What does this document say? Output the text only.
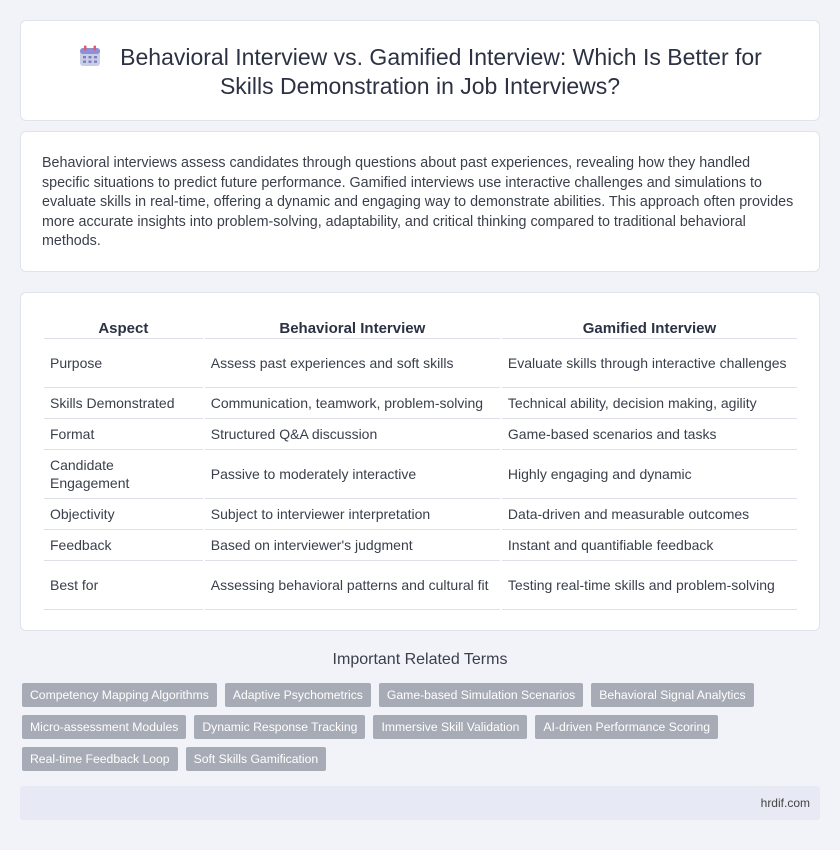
Behavioral Interview vs. Gamified Interview: Which Is Better for Skills Demonstration in Job Interviews?

Behavioral interviews assess candidates through questions about past experiences, revealing how they handled specific situations to predict future performance. Gamified interviews use interactive challenges and simulations to evaluate skills in real-time, offering a dynamic and engaging way to demonstrate abilities. This approach often provides more accurate insights into problem-solving, adaptability, and critical thinking compared to traditional behavioral methods.

Aspect	Behavioral Interview	Gamified Interview
Purpose	Assess past experiences and soft skills	Evaluate skills through interactive challenges
Skills Demonstrated	Communication, teamwork, problem-solving	Technical ability, decision making, agility
Format	Structured Q&A discussion	Game-based scenarios and tasks
Candidate Engagement	Passive to moderately interactive	Highly engaging and dynamic
Objectivity	Subject to interviewer interpretation	Data-driven and measurable outcomes
Feedback	Based on interviewer's judgment	Instant and quantifiable feedback
Best for	Assessing behavioral patterns and cultural fit	Testing real-time skills and problem-solving
Important Related Terms
Competency Mapping Algorithms	Adaptive Psychometrics	Game-based Simulation Scenarios	Behavioral Signal Analytics
Micro-assessment Modules	Dynamic Response Tracking	Immersive Skill Validation	AI-driven Performance Scoring
Real-time Feedback Loop	Soft Skills Gamification
hrdif.com
